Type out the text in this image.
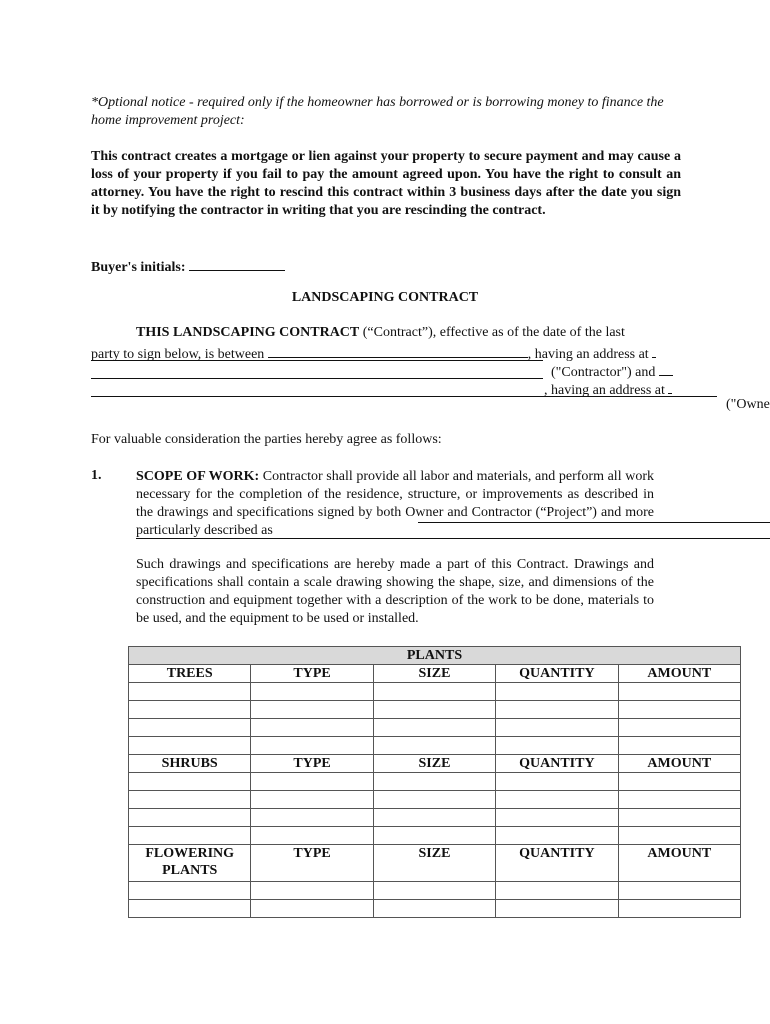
*Optional notice - required only if the homeowner has borrowed or is borrowing money to finance the home improvement project:
This contract creates a mortgage or lien against your property to secure payment and may cause a loss of your property if you fail to pay the amount agreed upon. You have the right to consult an attorney. You have the right to rescind this contract within 3 business days after the date you sign it by notifying the contractor in writing that you are rescinding the contract.
Buyer's initials:
LANDSCAPING CONTRACT
THIS LANDSCAPING CONTRACT (“Contract”), effective as of the date of the last
party to sign below, is between	, having an address at
("Contractor") and
, having an address at
("Owne
For valuable consideration the parties hereby agree as follows:
1. SCOPE OF WORK: Contractor shall provide all labor and materials, and perform all work necessary for the completion of the residence, structure, or improvements as described in the drawings and specifications signed by both Owner and Contractor (“Project”) and more particularly described as
Such drawings and specifications are hereby made a part of this Contract. Drawings and specifications shall contain a scale drawing showing the shape, size, and dimensions of the construction and equipment together with a description of the work to be done, materials to be used, and the equipment to be used or installed.
PLANTS				
TREES	TYPE	SIZE	QUANTITY	AMOUNT

SHRUBS	TYPE	SIZE	QUANTITY	AMOUNT

FLOWERING PLANTS	TYPE	SIZE	QUANTITY	AMOUNT
